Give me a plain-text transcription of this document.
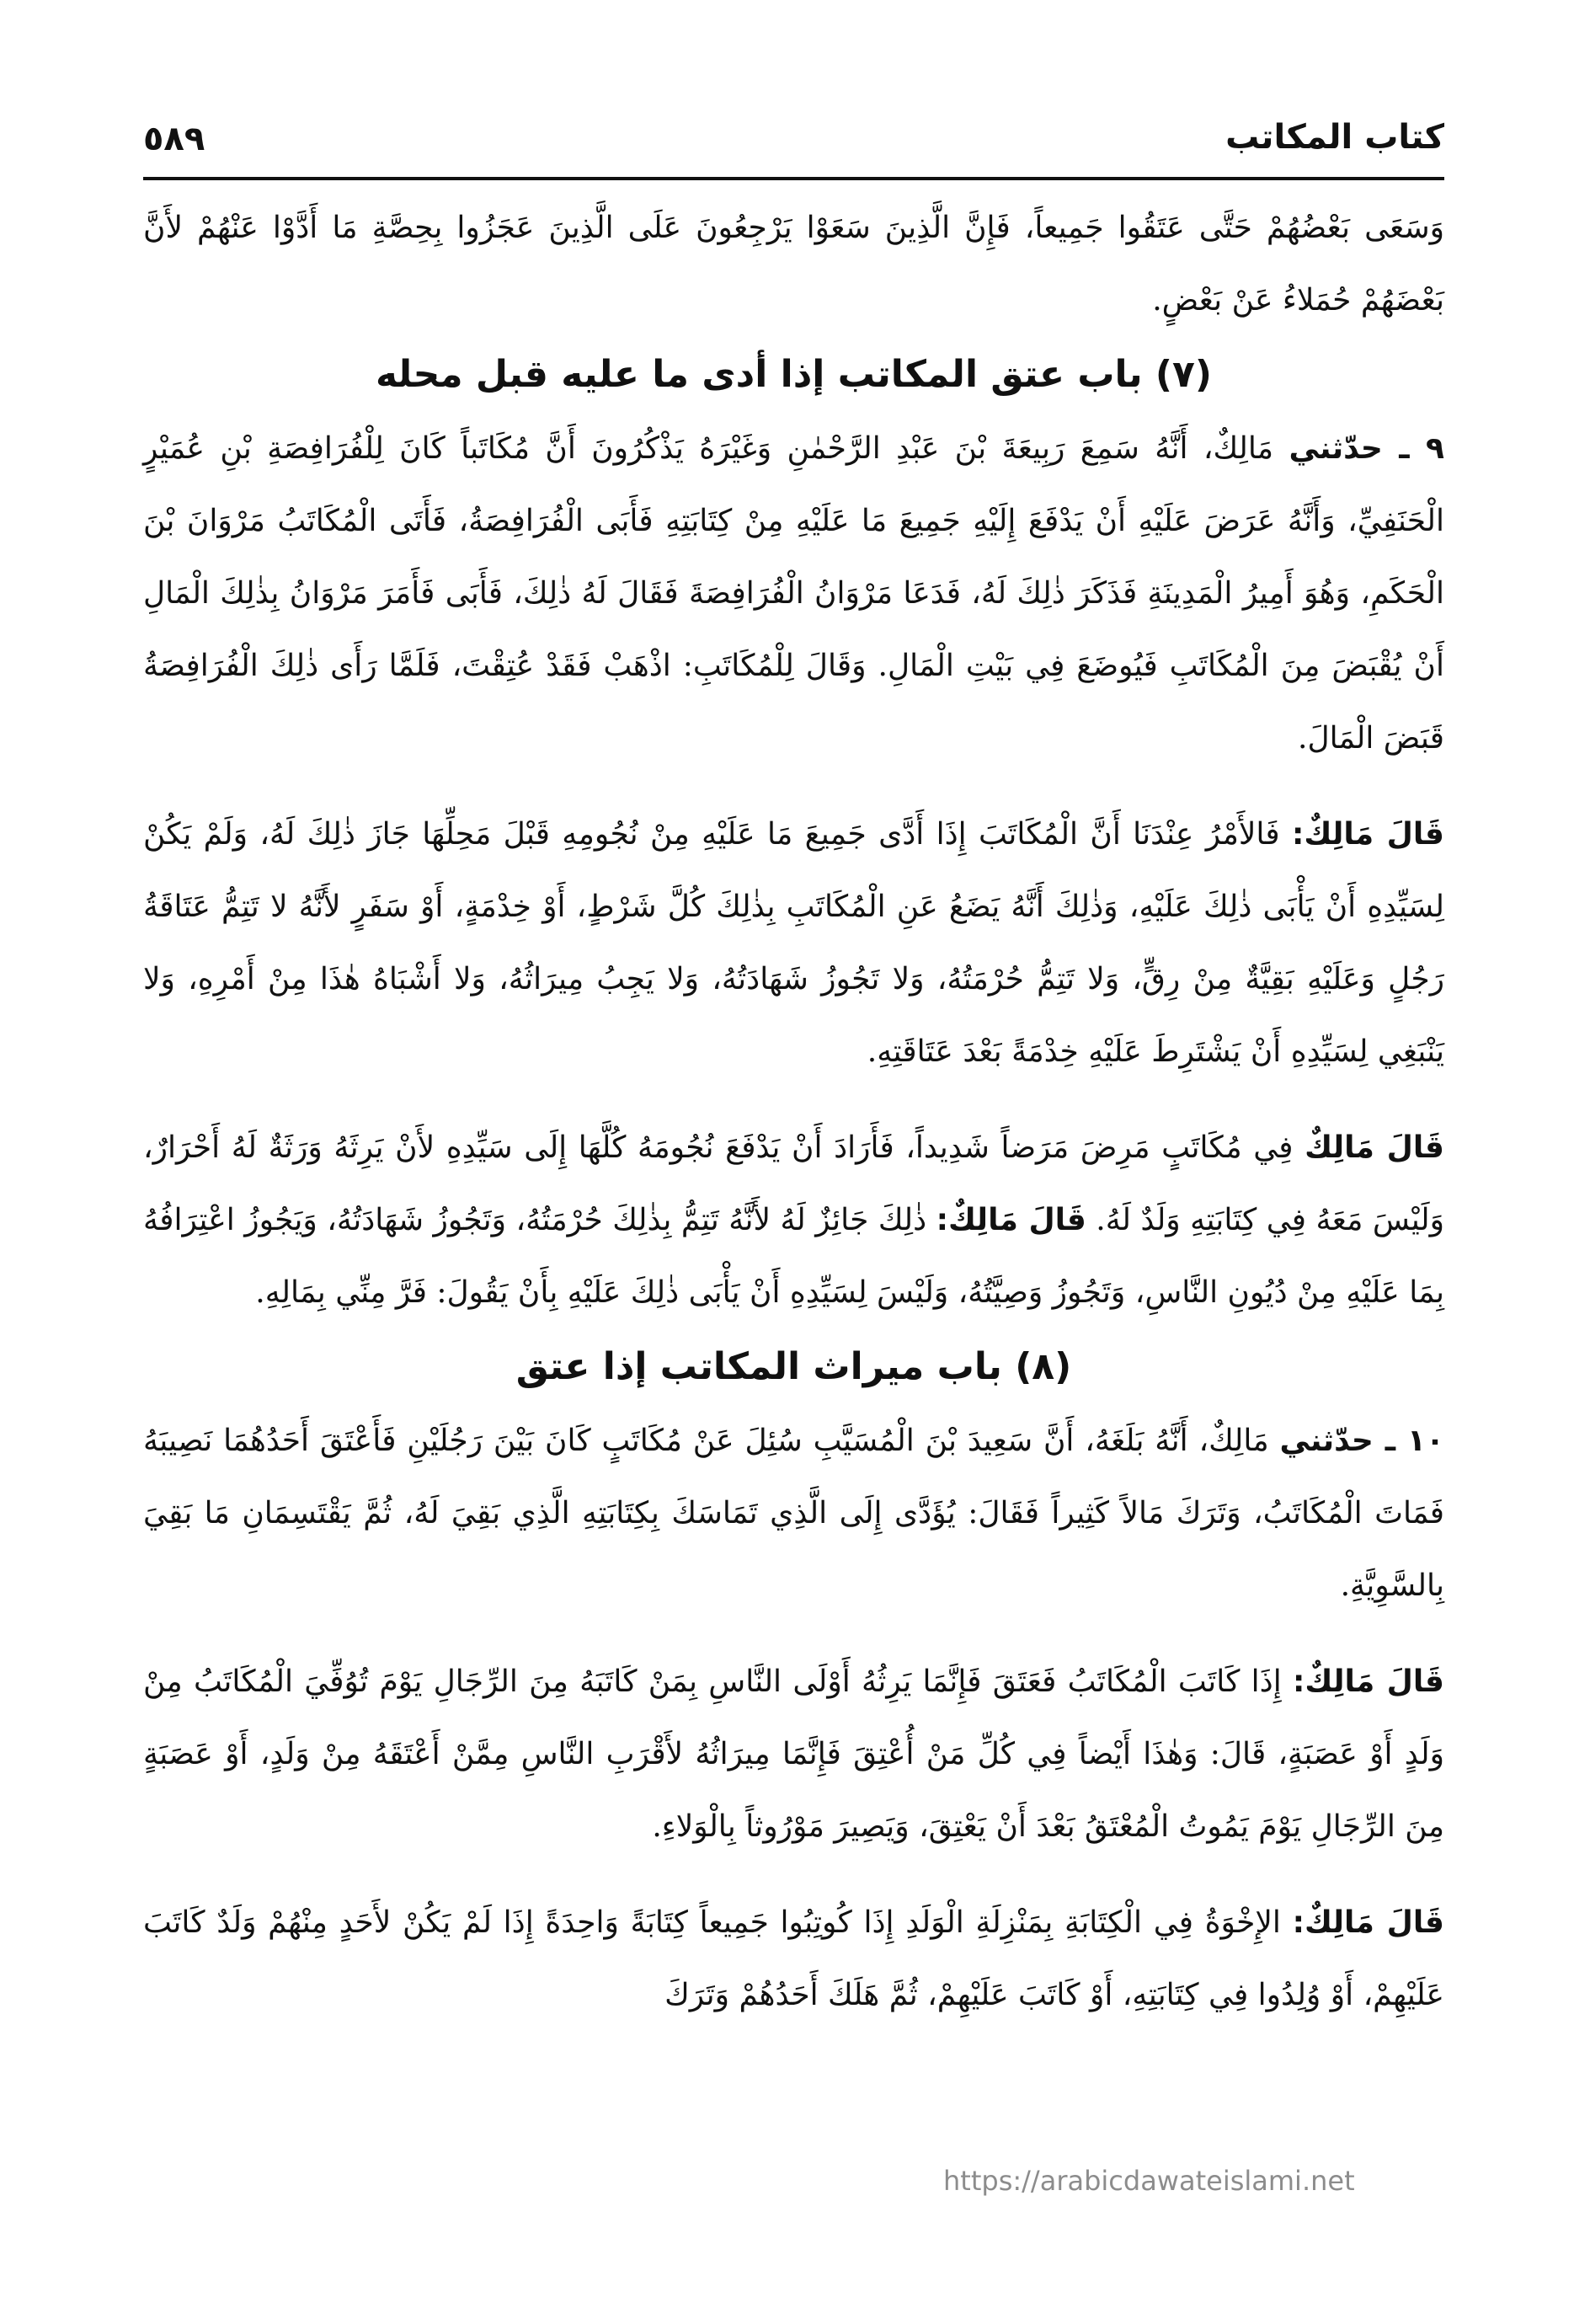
كتاب المكاتب
٥٨٩

وَسَعَى بَعْضُهُمْ حَتَّى عَتَقُوا جَمِيعاً، فَإِنَّ الَّذِينَ سَعَوْا يَرْجِعُونَ عَلَى الَّذِينَ عَجَزُوا بِحِصَّةِ مَا أَدَّوْا عَنْهُمْ لأَنَّ بَعْضَهُمْ حُمَلاءُ عَنْ بَعْضٍ.

(٧) باب عتق المكاتب إذا أدى ما عليه قبل محله

٩ ـ حدّثني مَالِكٌ، أَنَّهُ سَمِعَ رَبِيعَةَ بْنَ عَبْدِ الرَّحْمٰنِ وَغَيْرَهُ يَذْكُرُونَ أَنَّ مُكَاتَباً كَانَ لِلْفُرَافِصَةِ بْنِ عُمَيْرٍ الْحَنَفِيِّ، وَأَنَّهُ عَرَضَ عَلَيْهِ أَنْ يَدْفَعَ إِلَيْهِ جَمِيعَ مَا عَلَيْهِ مِنْ كِتَابَتِهِ فَأَبَى الْفُرَافِصَةُ، فَأَتَى الْمُكَاتَبُ مَرْوَانَ بْنَ الْحَكَمِ، وَهُوَ أَمِيرُ الْمَدِينَةِ فَذَكَرَ ذٰلِكَ لَهُ، فَدَعَا مَرْوَانُ الْفُرَافِصَةَ فَقَالَ لَهُ ذٰلِكَ، فَأَبَى فَأَمَرَ مَرْوَانُ بِذٰلِكَ الْمَالِ أَنْ يُقْبَضَ مِنَ الْمُكَاتَبِ فَيُوضَعَ فِي بَيْتِ الْمَالِ. وَقَالَ لِلْمُكَاتَبِ: اذْهَبْ فَقَدْ عُتِقْتَ، فَلَمَّا رَأَى ذٰلِكَ الْفُرَافِصَةُ قَبَضَ الْمَالَ.

قَالَ مَالِكٌ: فَالأَمْرُ عِنْدَنَا أَنَّ الْمُكَاتَبَ إِذَا أَدَّى جَمِيعَ مَا عَلَيْهِ مِنْ نُجُومِهِ قَبْلَ مَحِلِّهَا جَازَ ذٰلِكَ لَهُ، وَلَمْ يَكُنْ لِسَيِّدِهِ أَنْ يَأْبَى ذٰلِكَ عَلَيْهِ، وَذٰلِكَ أَنَّهُ يَضَعُ عَنِ الْمُكَاتَبِ بِذٰلِكَ كُلَّ شَرْطٍ، أَوْ خِدْمَةٍ، أَوْ سَفَرٍ لأَنَّهُ لا تَتِمُّ عَتَاقَةُ رَجُلٍ وَعَلَيْهِ بَقِيَّةٌ مِنْ رِقٍّ، وَلا تَتِمُّ حُرْمَتُهُ، وَلا تَجُوزُ شَهَادَتُهُ، وَلا يَجِبُ مِيرَاثُهُ، وَلا أَشْبَاهُ هٰذَا مِنْ أَمْرِهِ، وَلا يَنْبَغِي لِسَيِّدِهِ أَنْ يَشْتَرِطَ عَلَيْهِ خِدْمَةً بَعْدَ عَتَاقَتِهِ.

قَالَ مَالِكٌ فِي مُكَاتَبٍ مَرِضَ مَرَضاً شَدِيداً، فَأَرَادَ أَنْ يَدْفَعَ نُجُومَهُ كُلَّهَا إِلَى سَيِّدِهِ لأَنْ يَرِثَهُ وَرَثَةٌ لَهُ أَحْرَارٌ، وَلَيْسَ مَعَهُ فِي كِتَابَتِهِ وَلَدٌ لَهُ. قَالَ مَالِكٌ: ذٰلِكَ جَائِزٌ لَهُ لأَنَّهُ تَتِمُّ بِذٰلِكَ حُرْمَتُهُ، وَتَجُوزُ شَهَادَتُهُ، وَيَجُوزُ اعْتِرَافُهُ بِمَا عَلَيْهِ مِنْ دُيُونِ النَّاسِ، وَتَجُوزُ وَصِيَّتُهُ، وَلَيْسَ لِسَيِّدِهِ أَنْ يَأْبَى ذٰلِكَ عَلَيْهِ بِأَنْ يَقُولَ: فَرَّ مِنِّي بِمَالِهِ.

(٨) باب ميراث المكاتب إذا عتق

١٠ ـ حدّثني مَالِكٌ، أَنَّهُ بَلَغَهُ، أَنَّ سَعِيدَ بْنَ الْمُسَيَّبِ سُئِلَ عَنْ مُكَاتَبٍ كَانَ بَيْنَ رَجُلَيْنِ فَأَعْتَقَ أَحَدُهُمَا نَصِيبَهُ فَمَاتَ الْمُكَاتَبُ، وَتَرَكَ مَالاً كَثِيراً فَقَالَ: يُؤَدَّى إِلَى الَّذِي تَمَاسَكَ بِكِتَابَتِهِ الَّذِي بَقِيَ لَهُ، ثُمَّ يَقْتَسِمَانِ مَا بَقِيَ بِالسَّوِيَّةِ.

قَالَ مَالِكٌ: إِذَا كَاتَبَ الْمُكَاتَبُ فَعَتَقَ فَإِنَّمَا يَرِثُهُ أَوْلَى النَّاسِ بِمَنْ كَاتَبَهُ مِنَ الرِّجَالِ يَوْمَ تُوُفِّيَ الْمُكَاتَبُ مِنْ وَلَدٍ أَوْ عَصَبَةٍ، قَالَ: وَهٰذَا أَيْضاً فِي كُلِّ مَنْ أُعْتِقَ فَإِنَّمَا مِيرَاثُهُ لأَقْرَبِ النَّاسِ مِمَّنْ أَعْتَقَهُ مِنْ وَلَدٍ، أَوْ عَصَبَةٍ مِنَ الرِّجَالِ يَوْمَ يَمُوتُ الْمُعْتَقُ بَعْدَ أَنْ يَعْتِقَ، وَيَصِيرَ مَوْرُوثاً بِالْوَلاءِ.

قَالَ مَالِكٌ: الإِخْوَةُ فِي الْكِتَابَةِ بِمَنْزِلَةِ الْوَلَدِ إِذَا كُوتِبُوا جَمِيعاً كِتَابَةً وَاحِدَةً إِذَا لَمْ يَكُنْ لأَحَدٍ مِنْهُمْ وَلَدٌ كَاتَبَ عَلَيْهِمْ، أَوْ وُلِدُوا فِي كِتَابَتِهِ، أَوْ كَاتَبَ عَلَيْهِمْ، ثُمَّ هَلَكَ أَحَدُهُمْ وَتَرَكَ

https://arabicdawateislami.net
